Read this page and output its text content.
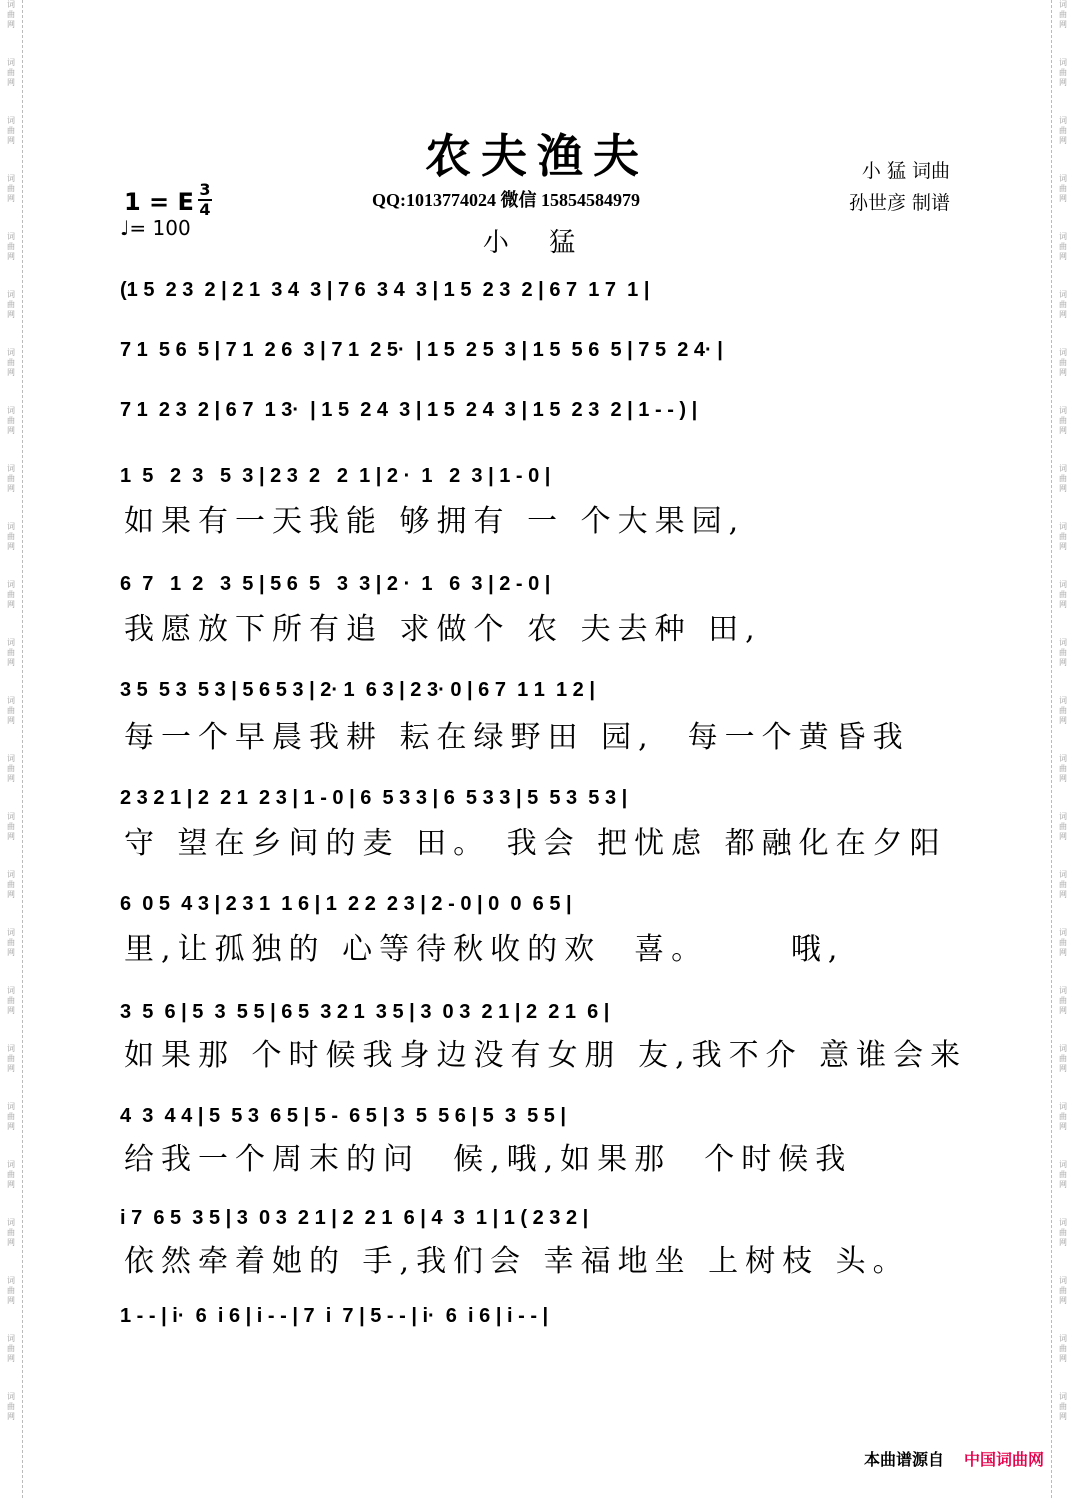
词
曲
网
词
曲
网
词
曲
网
词
曲
网
词
曲
网
词
曲
网
词
曲
网
词
曲
网
词
曲
网
词
曲
网
词
曲
网
词
曲
网
词
曲
网
词
曲
网
词
曲
网
词
曲
网
词
曲
网
词
曲
网
词
曲
网
词
曲
网
词
曲
网
词
曲
网
词
曲
网
词
曲
网
词
曲
网
词
曲
网
词
曲
网
词
曲
网
词
曲
网
词
曲
网
词
曲
网
词
曲
网
词
曲
网
词
曲
网
词
曲
网
词
曲
网
词
曲
网
词
曲
网
词
曲
网
词
曲
网
词
曲
网
词
曲
网
词
曲
网
词
曲
网
词
曲
网
词
曲
网
词
曲
网
词
曲
网
词
曲
网
词
曲
网
农夫渔夫
QQ:1013774024 微信 15854584979
小 猛
小 猛 词曲
孙世彦 制谱
1 = E 3
4
♩= 100
(1 5  2 3  2 | 2 1  3 4  3 | 7 6  3 4  3 | 1 5  2 3  2 | 6 7  1 7  1 |
7 1  5 6  5 | 7 1  2 6  3 | 7 1  2 5·  | 1 5  2 5  3 | 1 5  5 6  5 | 7 5  2 4· |
7 1  2 3  2 | 6 7  1 3·  | 1 5  2 4  3 | 1 5  2 4  3 | 1 5  2 3  2 | 1 - - ) |
1  5   2  3   5  3 | 2 3  2   2  1 | 2 ·  1   2  3 | 1 - 0 |
6  7   1  2   3  5 | 5 6  5   3  3 | 2 ·  1   6  3 | 2 - 0 |
3 5  5 3  5 3 | 5 6 5 3 | 2· 1  6 3 | 2 3· 0 | 6 7  1 1  1 2 |
2 3 2 1 | 2  2 1  2 3 | 1 - 0 | 6  5 3 3 | 6  5 3 3 | 5  5 3  5 3 |
6  0 5  4 3 | 2 3 1  1 6 | 1  2 2  2 3 | 2 - 0 | 0  0  6 5 |
3  5  6 | 5  3  5 5 | 6 5  3 2 1  3 5 | 3  0 3  2 1 | 2  2 1  6 |
4  3  4 4 | 5  5 3  6 5 | 5 -  6 5 | 3  5  5 6 | 5  3  5 5 |
i 7  6 5  3 5 | 3  0 3  2 1 | 2  2 1  6 | 4  3  1 | 1 ( 2 3 2 |
1 - - | i·  6  i 6 | i - - | 7  i  7 | 5 - - | i·  6  i 6 | i - - |
如果有一天我能 够拥有 一 个大果园,
我愿放下所有追 求做个 农 夫去种 田,
每一个早晨我耕 耘在绿野田 园,  每一个黄昏我
守 望在乡间的麦 田。 我会 把忧虑 都融化在夕阳
里,让孤独的 心等待秋收的欢  喜。     哦,
如果那 个时候我身边没有女朋 友,我不介 意谁会来
给我一个周末的问  候,哦,如果那  个时候我
依然牵着她的 手,我们会 幸福地坐 上树枝 头。
本曲谱源自 中国词曲网
